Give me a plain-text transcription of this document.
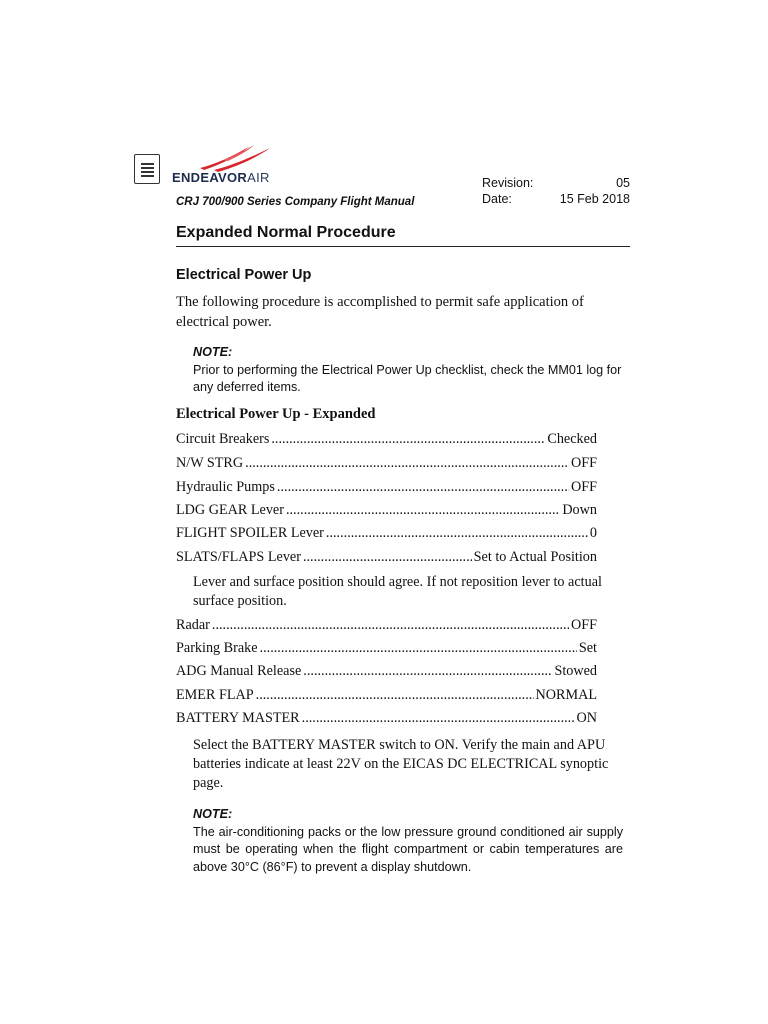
ENDEAVORAIR
CRJ 700/900 Series Company Flight Manual
Revision:	05
Date:	15 Feb 2018
Expanded Normal Procedure
Electrical Power Up
The following procedure is accomplished to permit safe application of electrical power.
NOTE:
Prior to performing the Electrical Power Up checklist, check the MM01 log for any deferred items.
Electrical Power Up - Expanded
Circuit Breakers .....	Checked
N/W STRG .....	OFF
Hydraulic Pumps .....	OFF
LDG GEAR Lever .....	Down
FLIGHT SPOILER Lever .....	0
SLATS/FLAPS Lever .....	Set to Actual Position
Lever and surface position should agree. If not reposition lever to actual surface position.
Radar .....	OFF
Parking Brake .....	Set
ADG Manual Release .....	Stowed
EMER FLAP .....	NORMAL
BATTERY MASTER .....	ON
Select the BATTERY MASTER switch to ON. Verify the main and APU batteries indicate at least 22V on the EICAS DC ELECTRICAL synoptic page.
NOTE:
The air-conditioning packs or the low pressure ground conditioned air supply must be operating when the flight compartment or cabin temperatures are above 30°C (86°F) to prevent a display shutdown.
